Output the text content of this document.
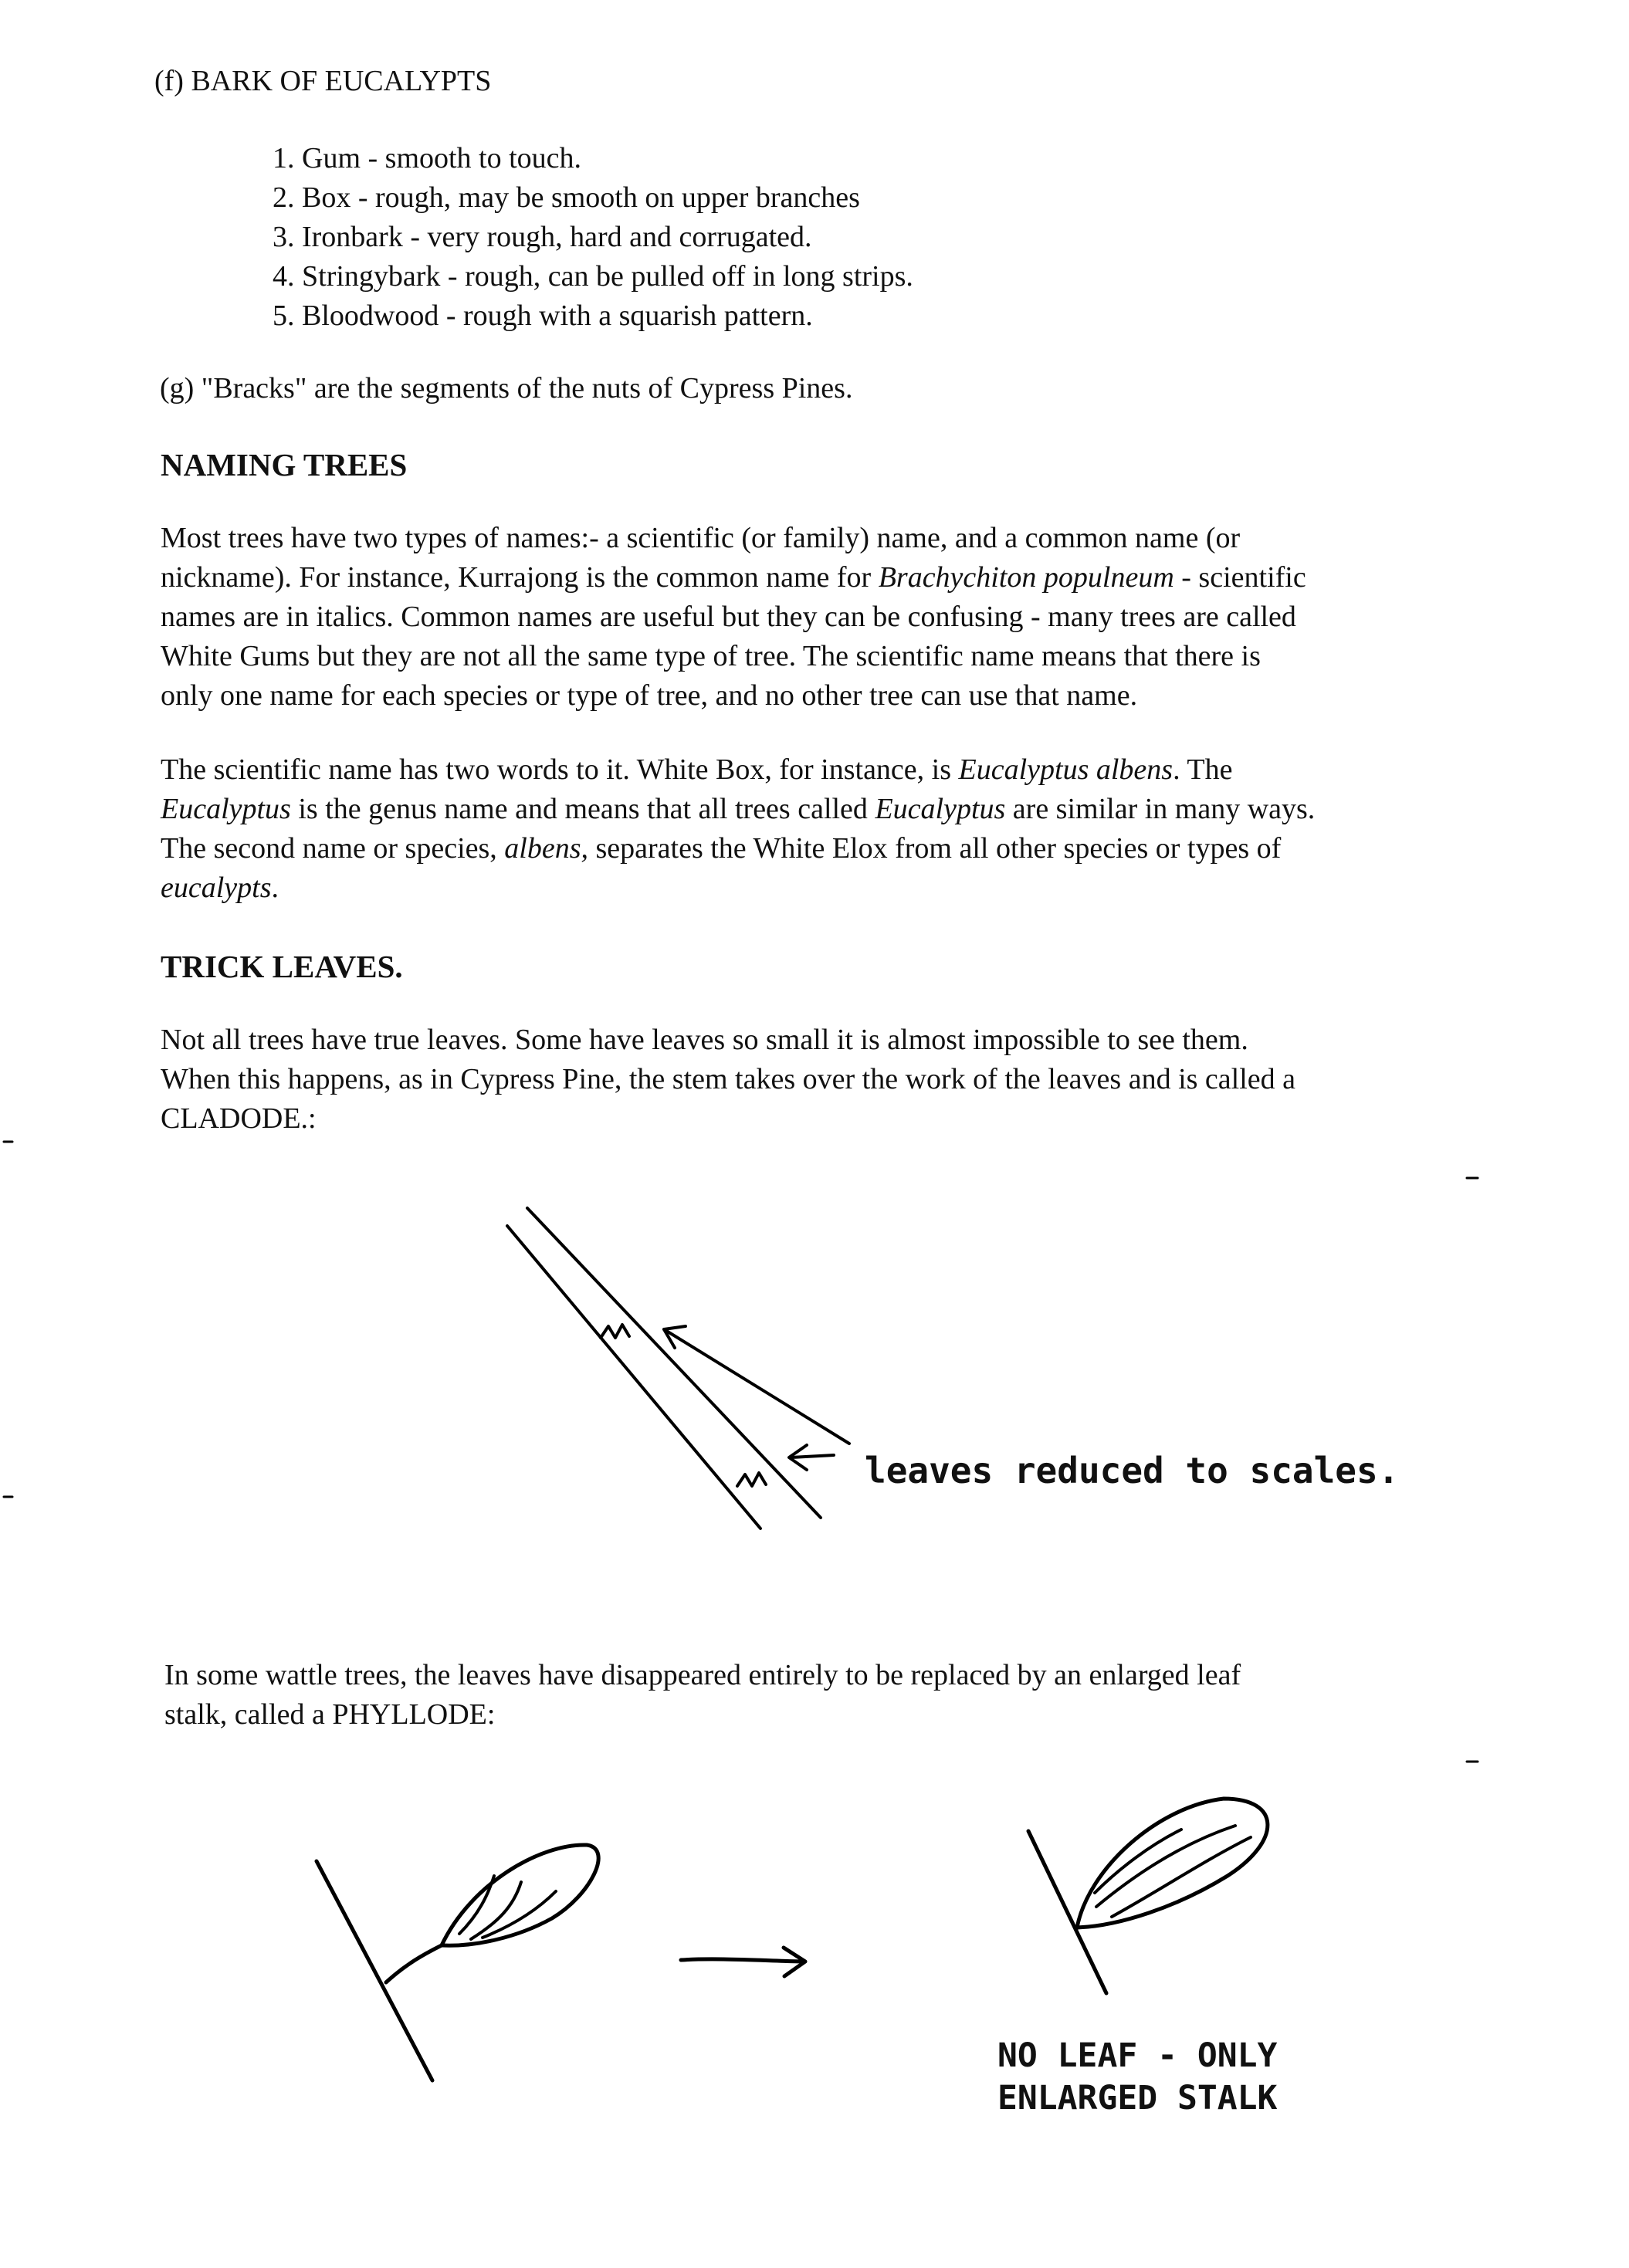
(f) BARK OF EUCALYPTS
1. Gum - smooth to touch.
2. Box - rough, may be smooth on upper branches
3. Ironbark - very rough, hard and corrugated.
4. Stringybark - rough, can be pulled off in long strips.
5. Bloodwood - rough with a squarish pattern.
(g) "Bracks" are the segments of the nuts of Cypress Pines.
NAMING TREES

Most trees have two types of names:- a scientific (or family) name, and a common name (or

nickname). For instance, Kurrajong is the common name for Brachychiton populneum - scientific

names are in italics. Common names are useful but they can be confusing - many trees are called

White Gums but they are not all the same type of tree. The scientific name means that there is

only one name for each species or type of tree, and no other tree can use that name.

The scientific name has two words to it. White Box, for instance, is Eucalyptus albens. The

Eucalyptus is the genus name and means that all trees called Eucalyptus are similar in many ways.

The second name or species, albens, separates the White Elox from all other species or types of

eucalypts.

TRICK LEAVES.

Not all trees have true leaves. Some have leaves so small it is almost impossible to see them.

When this happens, as in Cypress Pine, the stem takes over the work of the leaves and is called a

CLADODE.:

leaves reduced to scales.

In some wattle trees, the leaves have disappeared entirely to be replaced by an enlarged leaf

stalk, called a PHYLLODE:

NO LEAF - ONLY
ENLARGED STALK
